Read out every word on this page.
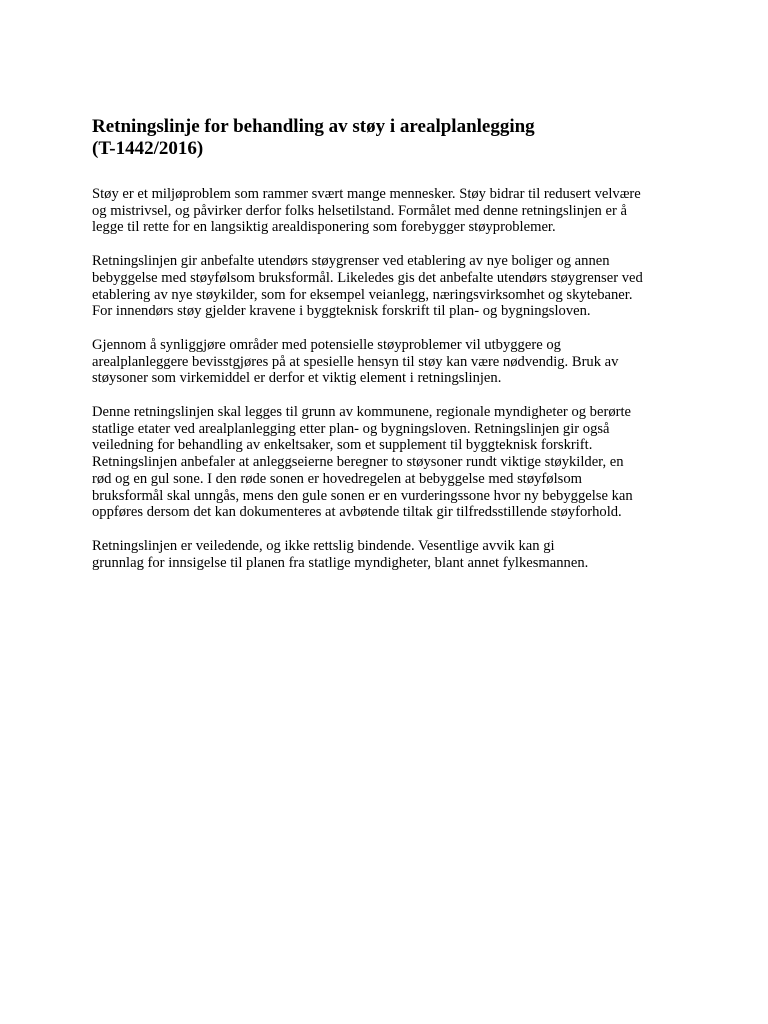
Retningslinje for behandling av støy i arealplanlegging
(T-1442/2016)
Støy er et miljøproblem som rammer svært mange mennesker. Støy bidrar til redusert velvære
og mistrivsel, og påvirker derfor folks helsetilstand. Formålet med denne retningslinjen er å
legge til rette for en langsiktig arealdisponering som forebygger støyproblemer.
Retningslinjen gir anbefalte utendørs støygrenser ved etablering av nye boliger og annen
bebyggelse med støyfølsom bruksformål. Likeledes gis det anbefalte utendørs støygrenser ved
etablering av nye støykilder, som for eksempel veianlegg, næringsvirksomhet og skytebaner.
For innendørs støy gjelder kravene i byggteknisk forskrift til plan- og bygningsloven.
Gjennom å synliggjøre områder med potensielle støyproblemer vil utbyggere og
arealplanleggere bevisstgjøres på at spesielle hensyn til støy kan være nødvendig. Bruk av
støysoner som virkemiddel er derfor et viktig element i retningslinjen.
Denne retningslinjen skal legges til grunn av kommunene, regionale myndigheter og berørte
statlige etater ved arealplanlegging etter plan- og bygningsloven. Retningslinjen gir også
veiledning for behandling av enkeltsaker, som et supplement til byggteknisk forskrift.
Retningslinjen anbefaler at anleggseierne beregner to støysoner rundt viktige støykilder, en
rød og en gul sone. I den røde sonen er hovedregelen at bebyggelse med støyfølsom
bruksformål skal unngås, mens den gule sonen er en vurderingssone hvor ny bebyggelse kan
oppføres dersom det kan dokumenteres at avbøtende tiltak gir tilfredsstillende støyforhold.
Retningslinjen er veiledende, og ikke rettslig bindende. Vesentlige avvik kan gi
grunnlag for innsigelse til planen fra statlige myndigheter, blant annet fylkesmannen.
